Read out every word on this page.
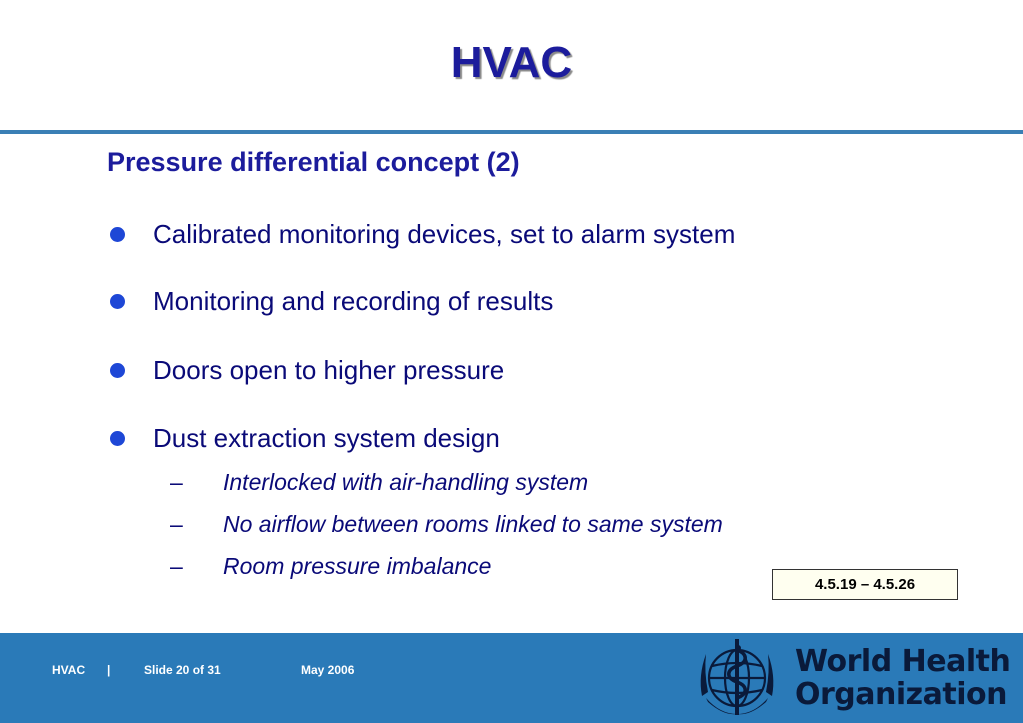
HVAC
Pressure differential concept (2)
Calibrated monitoring devices, set to alarm system
Monitoring and recording of results
Doors open to higher pressure
Dust extraction system design
–	Interlocked with air-handling system
–	No airflow between rooms linked to same system
–	Room pressure imbalance
4.5.19 – 4.5.26
HVAC |	Slide 20 of 31	May 2006	World Health
Organization
